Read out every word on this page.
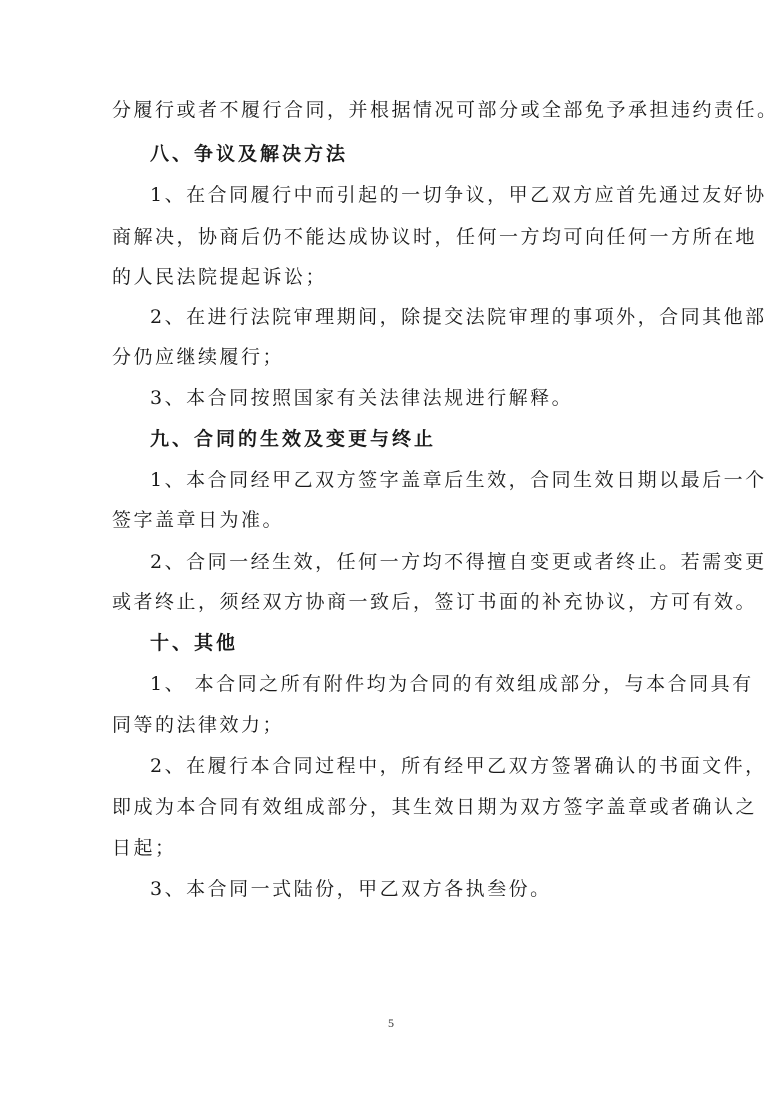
分履行或者不履行合同，并根据情况可部分或全部免予承担违约责任。
八、争议及解决方法
1、在合同履行中而引起的一切争议，甲乙双方应首先通过友好协
商解决，协商后仍不能达成协议时，任何一方均可向任何一方所在地
的人民法院提起诉讼；
2、在进行法院审理期间，除提交法院审理的事项外，合同其他部
分仍应继续履行；
3、本合同按照国家有关法律法规进行解释。
九、合同的生效及变更与终止
1、本合同经甲乙双方签字盖章后生效，合同生效日期以最后一个
签字盖章日为准。
2、合同一经生效，任何一方均不得擅自变更或者终止。若需变更
或者终止，须经双方协商一致后，签订书面的补充协议，方可有效。
十、其他
1、 本合同之所有附件均为合同的有效组成部分，与本合同具有
同等的法律效力；
2、在履行本合同过程中，所有经甲乙双方签署确认的书面文件，
即成为本合同有效组成部分，其生效日期为双方签字盖章或者确认之
日起；
3、本合同一式陆份，甲乙双方各执叁份。
5
